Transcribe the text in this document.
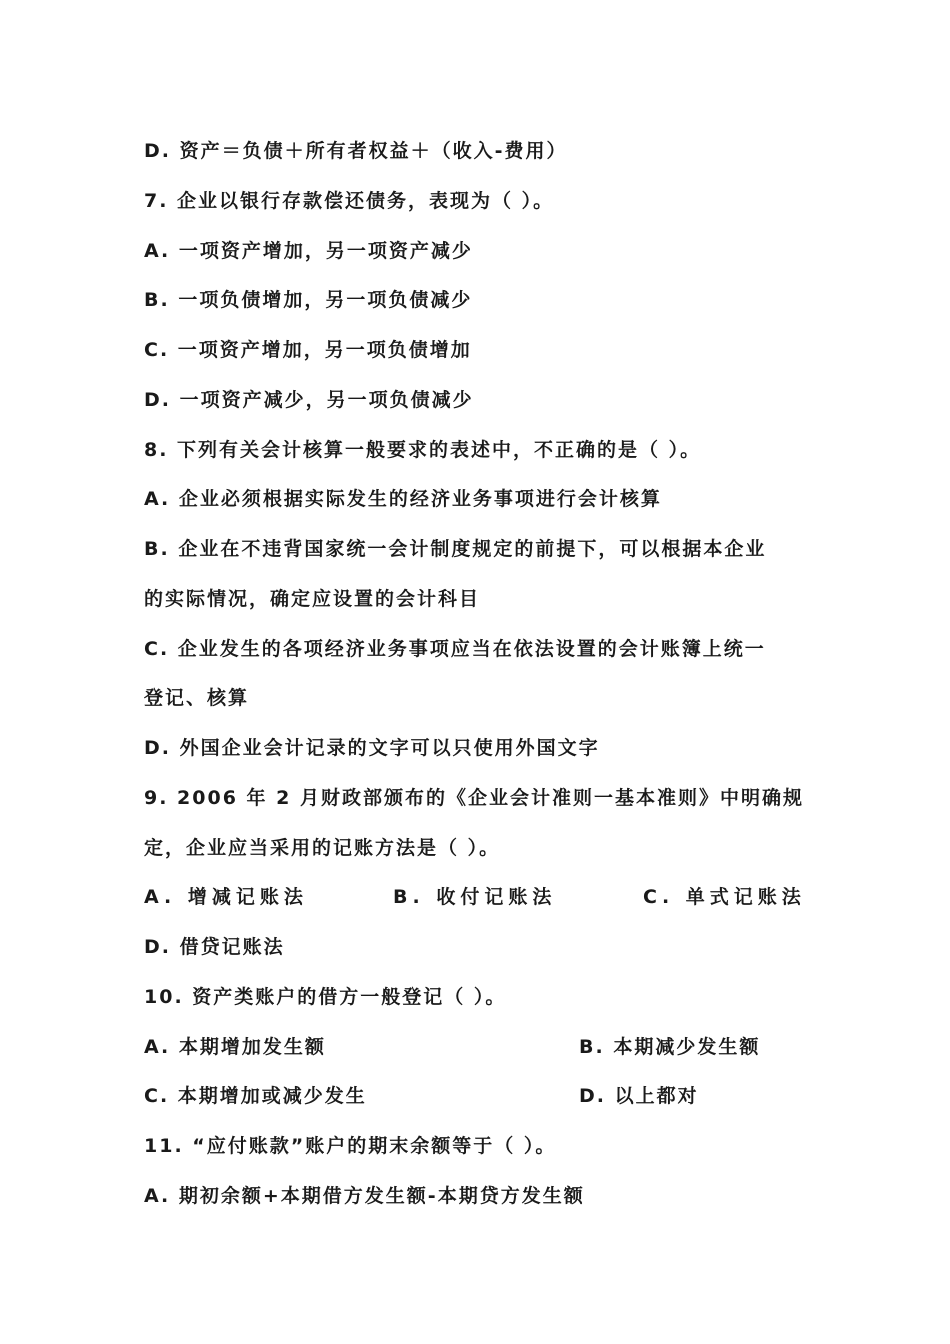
D. 资产＝负债＋所有者权益＋（收入-费用）
7. 企业以银行存款偿还债务，表现为（ ）。
A. 一项资产增加，另一项资产减少
B. 一项负债增加，另一项负债减少
C. 一项资产增加，另一项负债增加
D. 一项资产减少，另一项负债减少
8. 下列有关会计核算一般要求的表述中，不正确的是（ ）。
A. 企业必须根据实际发生的经济业务事项进行会计核算
B. 企业在不违背国家统一会计制度规定的前提下，可以根据本企业
的实际情况，确定应设置的会计科目
C. 企业发生的各项经济业务事项应当在依法设置的会计账簿上统一
登记、核算
D. 外国企业会计记录的文字可以只使用外国文字
9. 2006 年 2 月财政部颁布的《企业会计准则一基本准则》中明确规
定，企业应当采用的记账方法是（ ）。
A. 增减记账法	B. 收付记账法	C. 单式记账法
D. 借贷记账法
10. 资产类账户的借方一般登记（ ）。
A. 本期增加发生额	B. 本期减少发生额
C. 本期增加或减少发生	D. 以上都对
11. “应付账款”账户的期末余额等于（ ）。
A. 期初余额+本期借方发生额-本期贷方发生额
